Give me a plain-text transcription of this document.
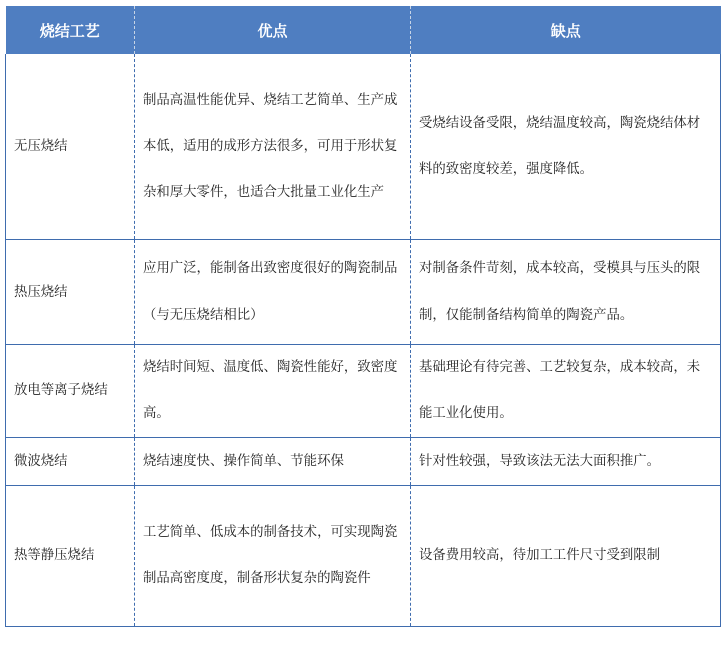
烧结工艺	优点	缺点
无压烧结	制品高温性能优异、烧结工艺简单、生产成本低，适用的成形方法很多，可用于形状复杂和厚大零件，也适合大批量工业化生产	受烧结设备受限，烧结温度较高，陶瓷烧结体材料的致密度较差，强度降低。
热压烧结	应用广泛，能制备出致密度很好的陶瓷制品（与无压烧结相比）	对制备条件苛刻，成本较高，受模具与压头的限制，仅能制备结构简单的陶瓷产品。
放电等离子烧结	烧结时间短、温度低、陶瓷性能好，致密度高。	基础理论有待完善、工艺较复杂，成本较高，未能工业化使用。
微波烧结	烧结速度快、操作简单、节能环保	针对性较强，导致该法无法大面积推广。
热等静压烧结	工艺简单、低成本的制备技术，可实现陶瓷制品高密度度，制备形状复杂的陶瓷件	设备费用较高，待加工工件尺寸受到限制
